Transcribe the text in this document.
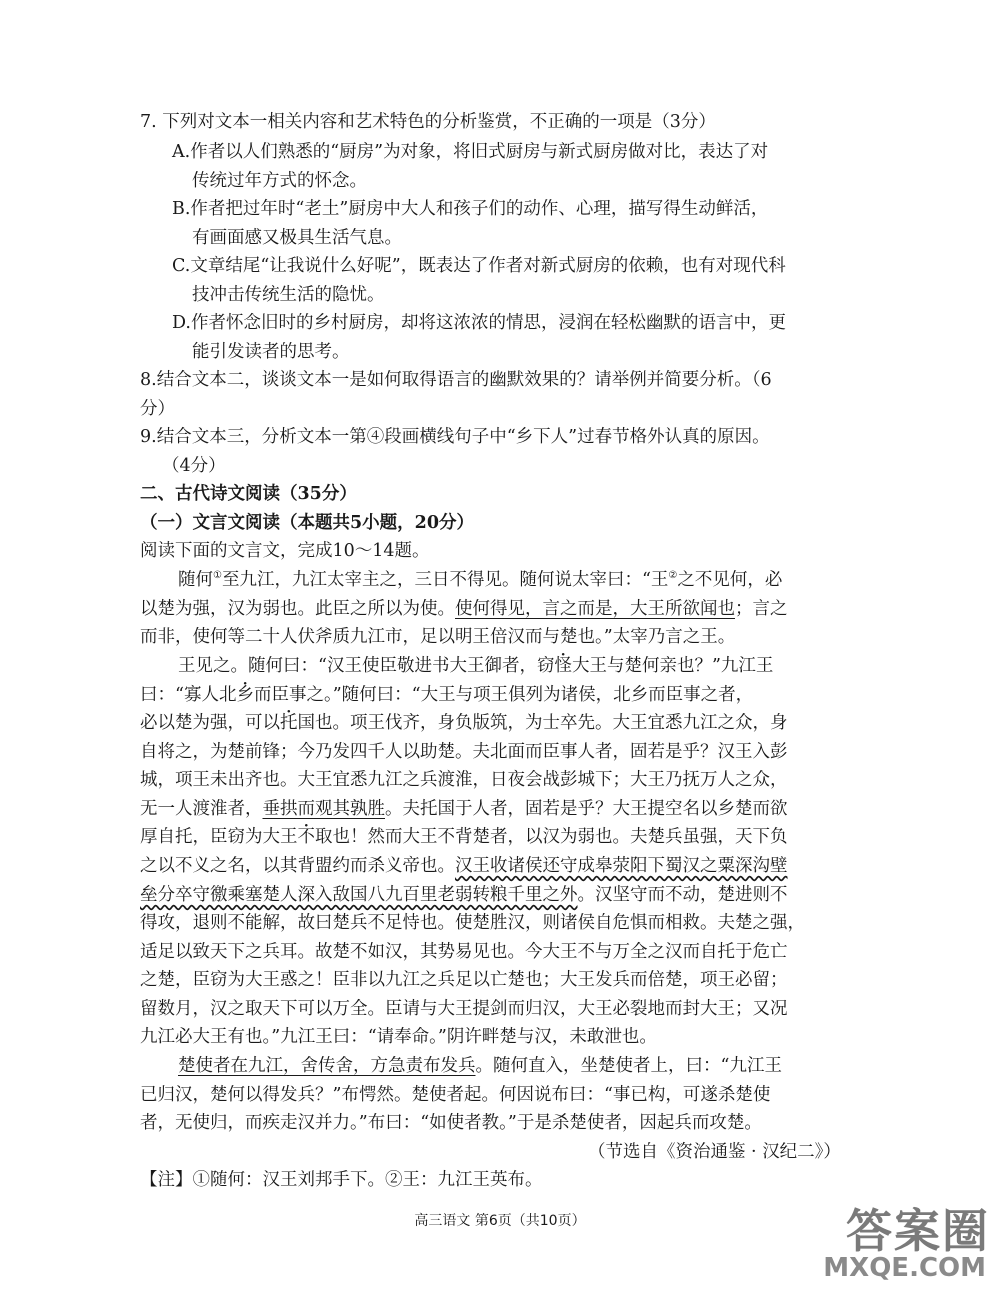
7. 下列对文本一相关内容和艺术特色的分析鉴赏，不正确的一项是（3分）
A.作者以人们熟悉的“厨房”为对象，将旧式厨房与新式厨房做对比，表达了对
传统过年方式的怀念。
B.作者把过年时“老土”厨房中大人和孩子们的动作、心理，描写得生动鲜活，
有画面感又极具生活气息。
C.文章结尾“让我说什么好呢”，既表达了作者对新式厨房的依赖，也有对现代科
技冲击传统生活的隐忧。
D.作者怀念旧时的乡村厨房，却将这浓浓的情思，浸润在轻松幽默的语言中，更
能引发读者的思考。
8.结合文本二，谈谈文本一是如何取得语言的幽默效果的？请举例并简要分析。（6
分）
9.结合文本三，分析文本一第④段画横线句子中“乡下人”过春节格外认真的原因。
（4分）
二、古代诗文阅读（35分）
（一）文言文阅读（本题共5小题，20分）
阅读下面的文言文，完成10～14题。
随何①至九江，九江太宰主之，三日不得见。随何说太宰曰：“王②之不见何，必
以楚为强，汉为弱也。此臣之所以为使。使何得见，言之而是，大王所欲闻也；言之
而非，使何等二十人伏斧质九江市，足以明王倍汉而与楚也。”太宰乃言之王。
王见之。随何曰：“汉王使臣敬进书大王御者，窃怪大王与楚何亲也？”九江王
曰：“寡人北乡而臣事之。”随何曰：“大王与项王俱列为诸侯，北乡而臣事之者，
必以楚为强，可以托国也。项王伐齐，身负版筑，为士卒先。大王宜悉九江之众，身
自将之，为楚前锋；今乃发四千人以助楚。夫北面而臣事人者，固若是乎？汉王入彭
城，项王未出齐也。大王宜悉九江之兵渡淮，日夜会战彭城下；大王乃抚万人之众，
无一人渡淮者，垂拱而观其孰胜。夫托国于人者，固若是乎？大王提空名以乡楚而欲
厚自托，臣窃为大王不取也 ·！然而大王不背楚者，以汉为弱也。夫楚兵虽强，天下负
之以不义之名，以其背盟约而杀义帝也。汉王收诸侯还守成皋荥阳下蜀汉之粟深沟壁
垒分卒守徼乘塞楚人深入敌国八九百里老弱转粮千里之外。汉坚守而不动，楚进则不
得攻，退则不能解，故曰楚兵不足恃也。使楚胜汉，则诸侯自危惧而相救。夫楚之强，
适足以致天下之兵耳。故楚不如汉，其势易见也。今大王不与万全之汉而自托于危亡
之楚，臣窃为大王惑之！臣非以九江之兵足以亡楚也；大王发兵而倍楚，项王必留；
留数月，汉之取天下可以万全。臣请与大王提剑而归汉，大王必裂地而封大王；又况
九江必大王有也。”九江王曰：“请奉命。”阴许畔楚与汉，未敢泄也。
楚使者在九江，舍传舍，方急责布发兵。随何直入，坐楚使者上，曰：“九江王
已归汉，楚何以得发兵？”布愕然。楚使者起。何因说布曰：“事已构，可遂杀楚使
者，无使归，而疾走汉并力。”布曰：“如使者教。”于是杀楚使者，因起兵而攻楚。
（节选自《资治通鉴 · 汉纪二》）
【注】①随何：汉王刘邦手下。②王：九江王英布。
高三语文 第6页（共10页）	答案圈
MXQE.COM
